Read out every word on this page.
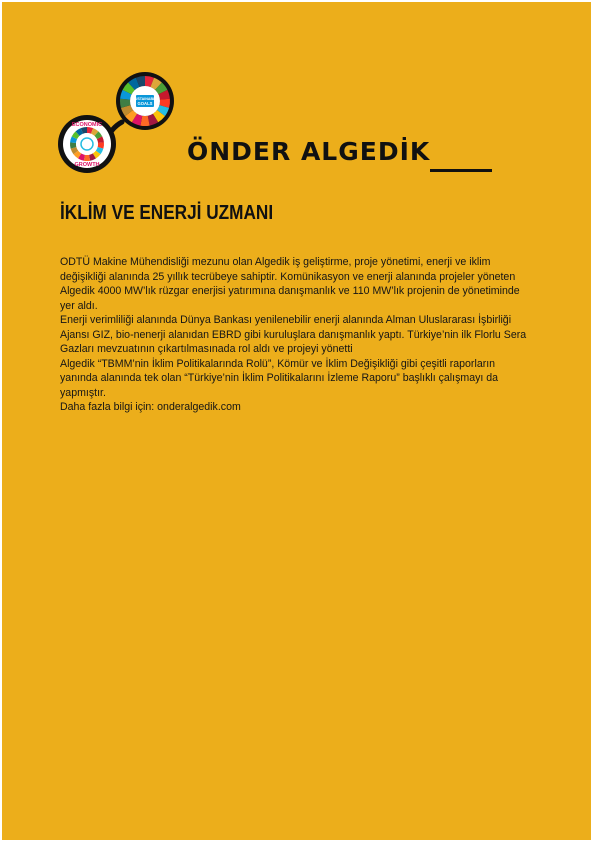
SUSTAINABLE
GOALS
ECONOMIC
GROWTH	ÖNDER ALGEDİK
İKLİM VE ENERJİ UZMANI

ODTÜ Makine Mühendisliği mezunu olan Algedik iş geliştirme, proje yönetimi, enerji ve iklim değişikliği alanında 25 yıllık tecrübeye sahiptir. Komünikasyon ve enerji alanında projeler yöneten Algedik 4000 MW’lık rüzgar enerjisi yatırımına danışmanlık ve 110 MW’lık projenin de yönetiminde yer aldı.

Enerji verimliliği alanında Dünya Bankası yenilenebilir enerji alanında Alman Uluslararası İşbirliği Ajansı GIZ, bio-nenerji alanıdan EBRD gibi kuruluşlara danışmanlık yaptı. Türkiye’nin ilk Florlu Sera Gazları mevzuatının çıkartılmasınada rol aldı ve projeyi yönetti

Algedik “TBMM’nin İklim Politikalarında Rolü”, Kömür ve İklim Değişikliği gibi çeşitli raporların yanında alanında tek olan “Türkiye’nin İklim Politikalarını İzleme Raporu” başlıklı çalışmayı da yapmıştır.

Daha fazla bilgi için: onderalgedik.com
